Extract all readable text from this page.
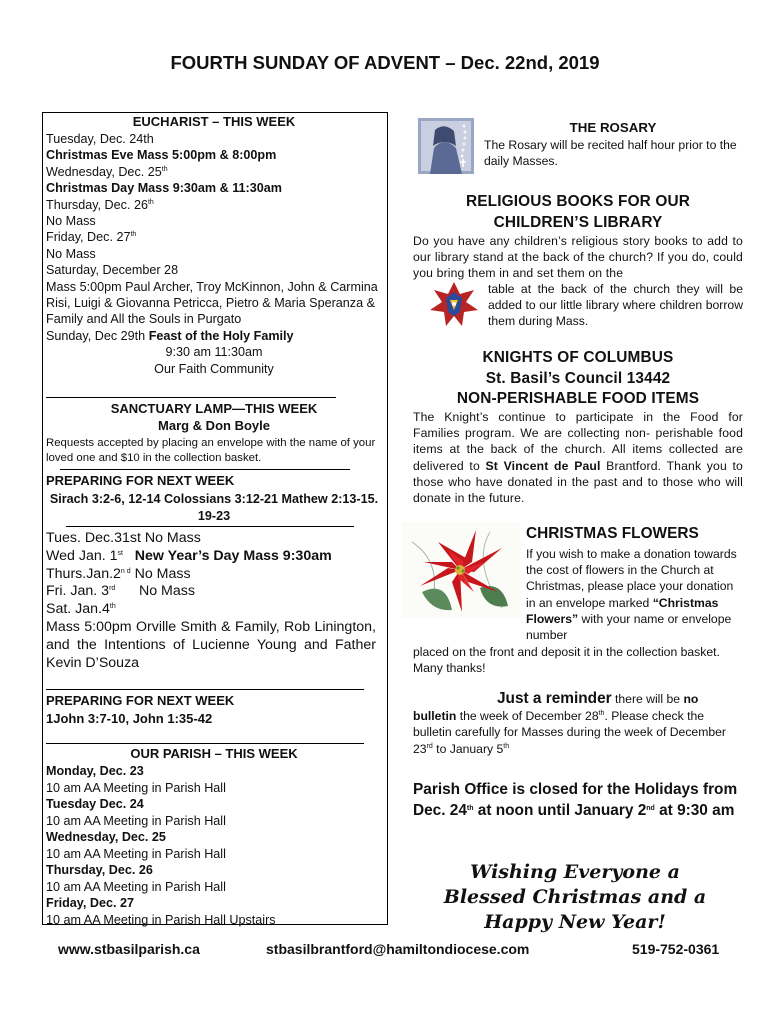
FOURTH SUNDAY OF ADVENT – Dec. 22nd, 2019
EUCHARIST – THIS WEEK
Tuesday, Dec. 24th
Christmas Eve Mass 5:00pm & 8:00pm
Wednesday, Dec. 25th
Christmas Day Mass 9:30am & 11:30am
Thursday, Dec. 26th
No Mass
Friday, Dec. 27th
No Mass
Saturday, December 28
Mass 5:00pm Paul Archer, Troy McKinnon, John & Carmina Risi, Luigi & Giovanna Petricca, Pietro & Maria Speranza & Family and All the Souls in Purgato
Sunday, Dec 29th Feast of the Holy Family
9:30 am 11:30am
Our Faith Community
SANCTUARY LAMP—THIS WEEK
Marg & Don Boyle
Requests accepted by placing an envelope with the name of your loved one and $10 in the collection basket.
PREPARING FOR NEXT WEEK
Sirach 3:2-6, 12-14 Colossians 3:12-21 Mathew 2:13-15. 19-23
Tues. Dec.31st No Mass
Wed Jan. 1st New Year’s Day Mass 9:30am
$Thurs.Jan.2^{n d}$ No Mass
Fri. Jan. 3rd No Mass
Sat. Jan.4th
Mass 5:00pm Orville Smith & Family, Rob Linington, and the Intentions of Lucienne Young and Father Kevin D’Souza
PREPARING FOR NEXT WEEK
1John 3:7-10, John 1:35-42
OUR PARISH – THIS WEEK
Monday, Dec. 23
10 am AA Meeting in Parish Hall
Tuesday Dec. 24
10 am AA Meeting in Parish Hall
Wednesday, Dec. 25
10 am AA Meeting in Parish Hall
Thursday, Dec. 26
10 am AA Meeting in Parish Hall
Friday, Dec. 27
10 am AA Meeting in Parish Hall Upstairs
THE ROSARY
The Rosary will be recited half hour prior to the daily Masses.
RELIGIOUS BOOKS FOR OUR
CHILDREN’S LIBRARY
Do you have any children’s religious story books to add to our library stand at the back of the church? If you do, could you bring them in and set them on the
table at the back of the church they will be added to our little library where children borrow them during Mass.
KNIGHTS OF COLUMBUS
St. Basil’s Council 13442
NON-PERISHABLE FOOD ITEMS
The Knight’s continue to participate in the Food for Families program. We are collecting non- perishable food items at the back of the church. All items collected are delivered to St Vincent de Paul Brantford. Thank you to those who have donated in the past and to those who will donate in the future.
CHRISTMAS FLOWERS
If you wish to make a donation towards the cost of flowers in the Church at Christmas, please place your donation in an envelope marked “Christmas Flowers” with your name or envelope number
placed on the front and deposit it in the collection basket. Many thanks!
Just a reminder there will be no
bulletin the week of December 28th. Please check the bulletin carefully for Masses during the week of December 23rd to January 5th
Parish Office is closed for the Holidays from Dec. 24th at noon until January 2nd at 9:30 am
Wishing Everyone a Blessed Christmas and a Happy New Year!
www.stbasilparish.ca	stbasilbrantford@hamiltondiocese.com	519-752-0361
